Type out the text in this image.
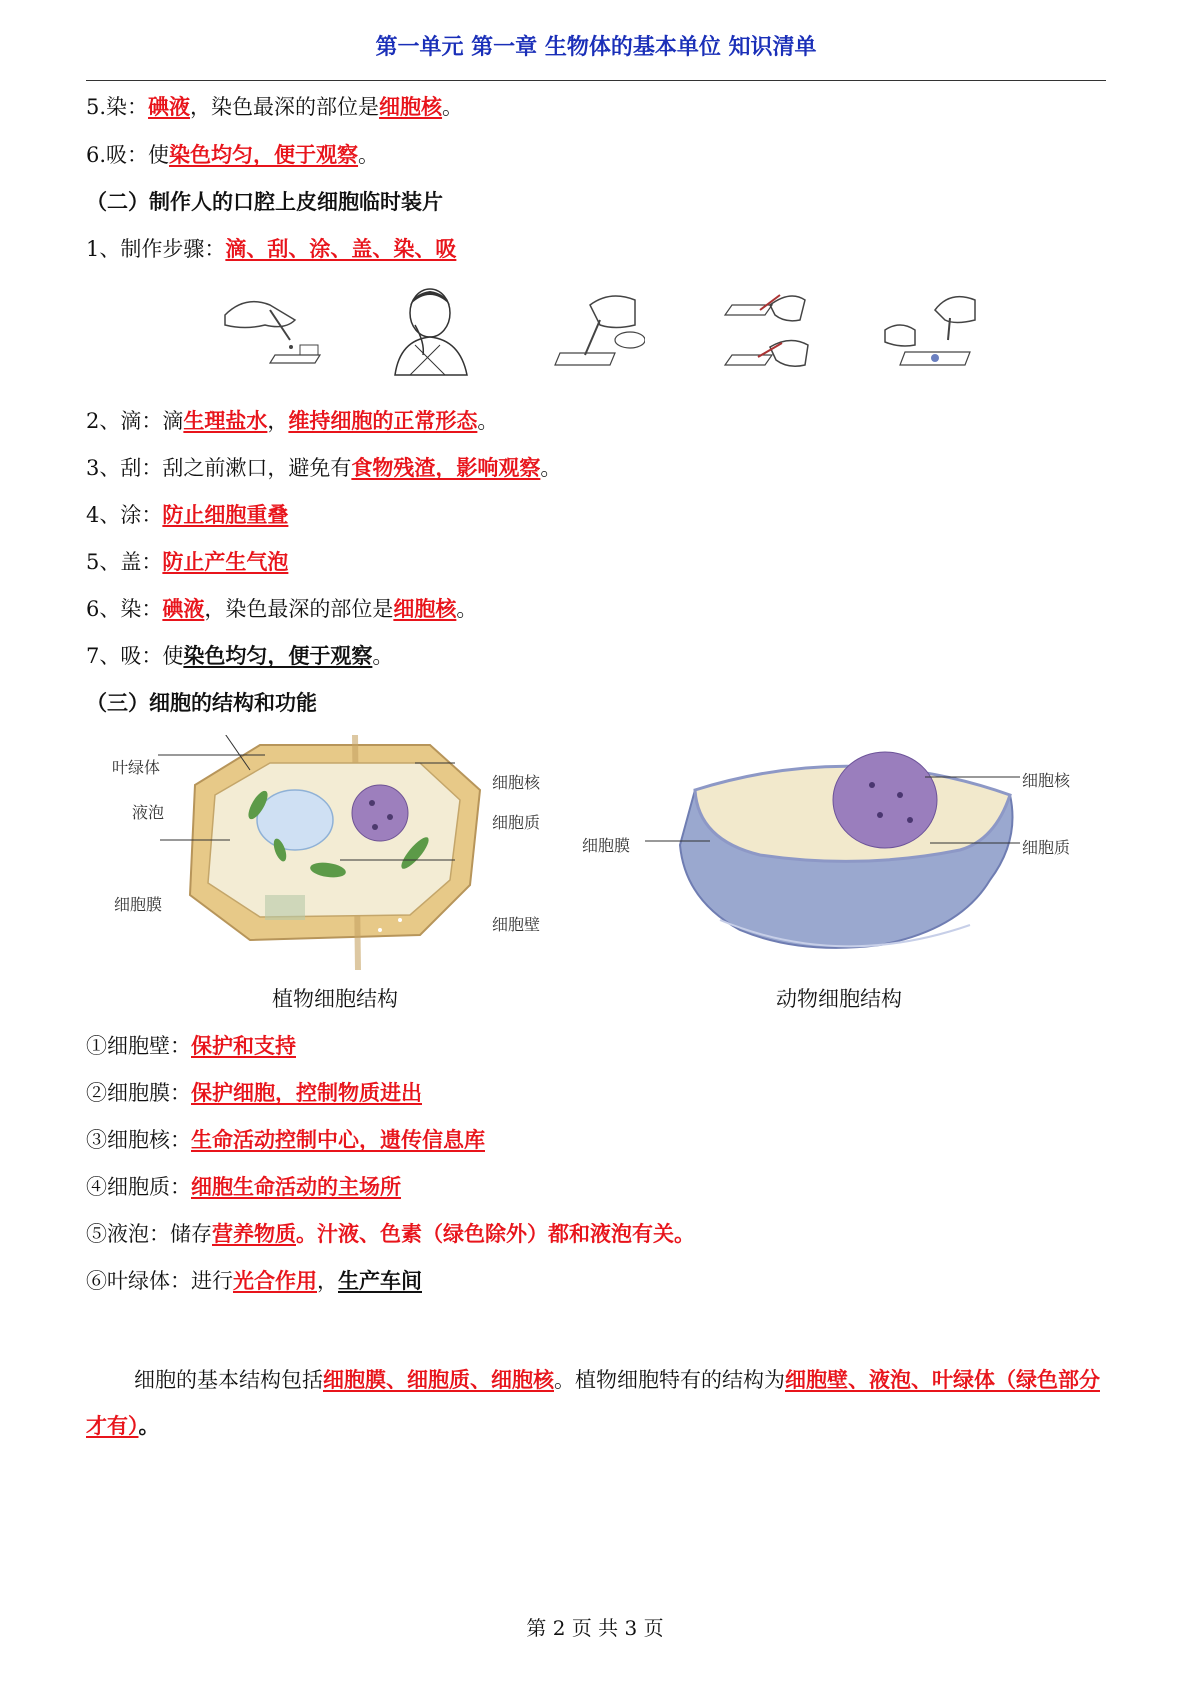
第一单元 第一章 生物体的基本单位 知识清单
5.染：碘液，染色最深的部位是细胞核。
6.吸：使染色均匀，便于观察。
（二）制作人的口腔上皮细胞临时装片
1、制作步骤：滴、刮、涂、盖、染、吸
2、滴：滴生理盐水，维持细胞的正常形态。
3、刮：刮之前漱口，避免有食物残渣，影响观察。
4、涂：防止细胞重叠
5、盖：防止产生气泡
6、染：碘液，染色最深的部位是细胞核。
7、吸：使染色均匀，便于观察。
（三）细胞的结构和功能
叶绿体
液泡
细胞膜
细胞核
细胞质
细胞壁
细胞核
细胞质
细胞膜
植物细胞结构	动物细胞结构
①细胞壁：保护和支持
②细胞膜：保护细胞，控制物质进出
③细胞核：生命活动控制中心，遗传信息库
④细胞质：细胞生命活动的主场所
⑤液泡：储存营养物质。汁液、色素（绿色除外）都和液泡有关。
⑥叶绿体：进行光合作用，生产车间
细胞的基本结构包括细胞膜、细胞质、细胞核。植物细胞特有的结构为细胞壁、液泡、叶绿体（绿色部分才有）。
第 2 页 共 3 页
